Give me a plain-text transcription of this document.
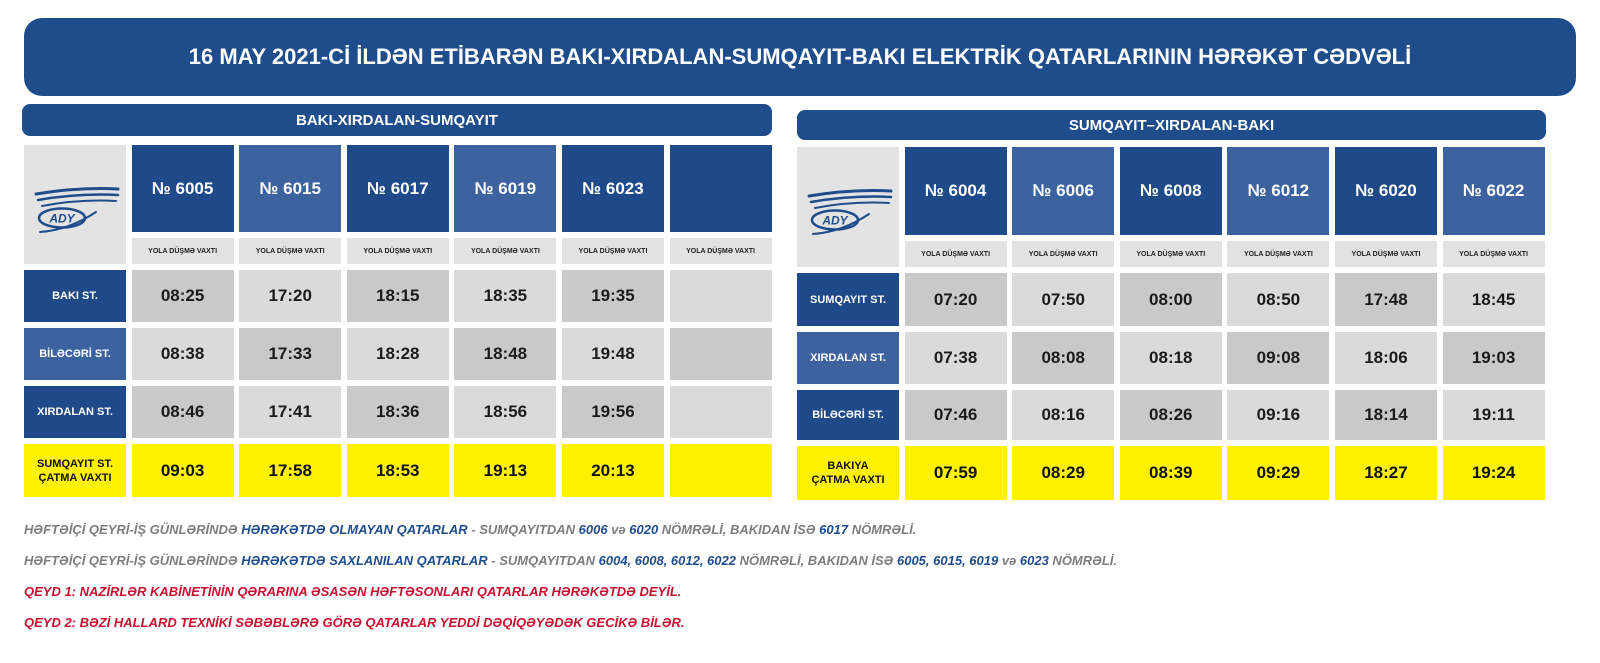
16 MAY 2021-Cİ İLDƏN ETİBARƏN BAKI-XIRDALAN-SUMQAYIT-BAKI ELEKTRİK QATARLARININ HƏRƏKƏT CƏDVƏLİ
BAKI-XIRDALAN-SUMQAYIT	SUMQAYIT–XIRDALAN-BAKI
ADY
№ 6005	№ 6015	№ 6017	№ 6019	№ 6023
YOLA DÜŞMƏ VAXTI	YOLA DÜŞMƏ VAXTI	YOLA DÜŞMƏ VAXTI	YOLA DÜŞMƏ VAXTI	YOLA DÜŞMƏ VAXTI	YOLA DÜŞMƏ VAXTI
BAKI ST.	08:25	17:20	18:15	18:35	19:35
BİLƏCƏRİ ST.	08:38	17:33	18:28	18:48	19:48
XIRDALAN ST.	08:46	17:41	18:36	18:56	19:56
SUMQAYIT ST.
ÇATMA VAXTI	09:03	17:58	18:53	19:13	20:13
ADY
№ 6004	№ 6006	№ 6008	№ 6012	№ 6020	№ 6022
YOLA DÜŞMƏ VAXTI	YOLA DÜŞMƏ VAXTI	YOLA DÜŞMƏ VAXTI	YOLA DÜŞMƏ VAXTI	YOLA DÜŞMƏ VAXTI	YOLA DÜŞMƏ VAXTI
SUMQAYIT ST.	07:20	07:50	08:00	08:50	17:48	18:45
XIRDALAN ST.	07:38	08:08	08:18	09:08	18:06	19:03
BİLƏCƏRİ ST.	07:46	08:16	08:26	09:16	18:14	19:11
BAKIYA
ÇATMA VAXTI	07:59	08:29	08:39	09:29	18:27	19:24
HƏFTƏİÇİ QEYRİ-İŞ GÜNLƏRİNDƏ HƏRƏKƏTDƏ OLMAYAN QATARLAR - SUMQAYITDAN 6006 və 6020 NÖMRƏLİ, BAKIDAN İSƏ 6017 NÖMRƏLİ.
HƏFTƏİÇİ QEYRİ-İŞ GÜNLƏRİNDƏ HƏRƏKƏTDƏ SAXLANILAN QATARLAR - SUMQAYITDAN 6004, 6008, 6012, 6022 NÖMRƏLİ, BAKIDAN İSƏ 6005, 6015, 6019 və 6023 NÖMRƏLİ.
QEYD 1: NAZİRLƏR KABİNETİNİN QƏRARINA ƏSASƏN HƏFTƏSONLARI QATARLAR HƏRƏKƏTDƏ DEYİL.
QEYD 2: BƏZİ HALLARD TEXNİKİ SƏBƏBLƏRƏ GÖRƏ QATARLAR YEDDİ DƏQİQƏYƏDƏK GECİKƏ BİLƏR.
